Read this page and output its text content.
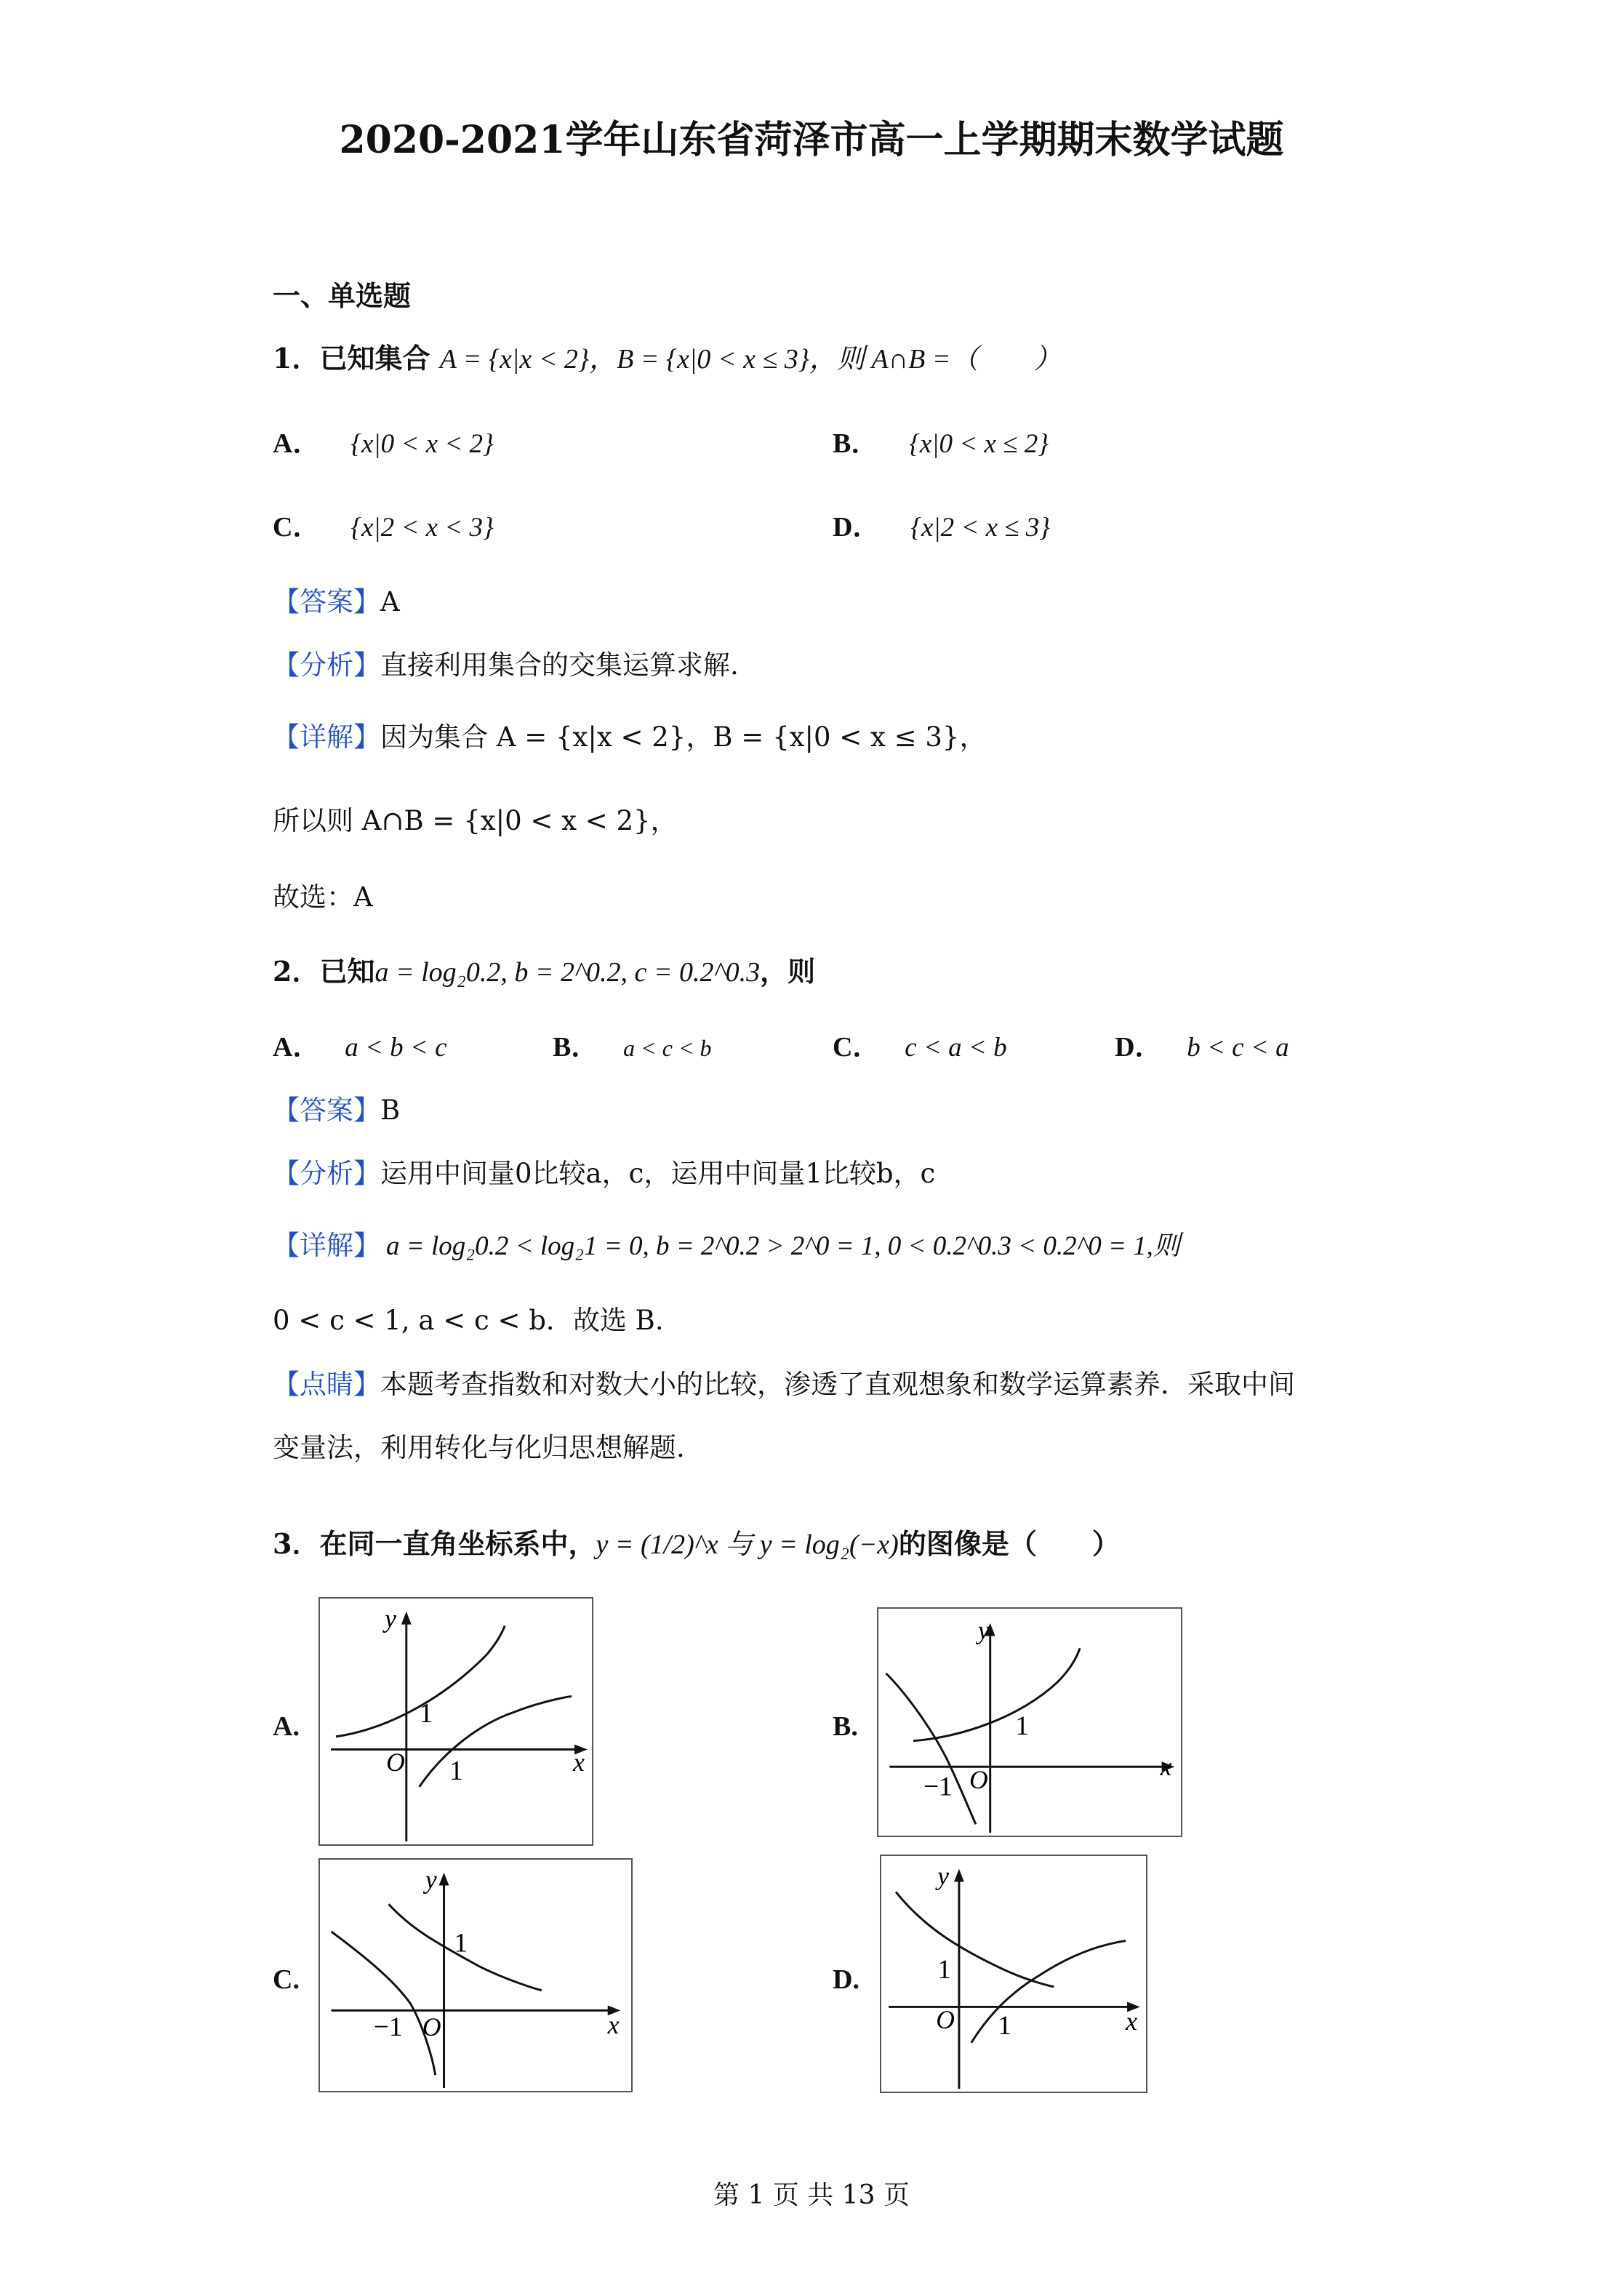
2020-2021学年山东省菏泽市高一上学期期末数学试题
一、单选题
1．已知集合 A = {x|x < 2}，B = {x|0 < x ≤ 3}，则 A∩B =（　　）
A． {x|0 < x < 2}	B． {x|0 < x ≤ 2}
C． {x|2 < x < 3}	D． {x|2 < x ≤ 3}
【答案】A
【分析】直接利用集合的交集运算求解.
【详解】因为集合 A = {x|x < 2}，B = {x|0 < x ≤ 3}，
所以则 A∩B = {x|0 < x < 2}，
故选：A
2．已知a = log₂0.2, b = 2^0.2, c = 0.2^0.3，则
A． a < b < c	B． a < c < b	C． c < a < b	D． b < c < a
【答案】B
【分析】运用中间量0比较a，c，运用中间量1比较b，c
【详解】 a = log₂0.2 < log₂1 = 0, b = 2^0.2 > 2^0 = 1, 0 < 0.2^0.3 < 0.2^0 = 1,则
0 < c < 1, a < c < b．故选 B.
【点睛】本题考查指数和对数大小的比较，渗透了直观想象和数学运算素养．采取中间
变量法，利用转化与化归思想解题.
3．在同一直角坐标系中，y = (1/2)^x 与 y = log₂(−x)的图像是（　　）
A.	B.
C.	D.
O
1
1	x
y
−1 O
1
x
y
−1 O
1
x
y
O
1
1	x
y
第 1 页 共 13 页
